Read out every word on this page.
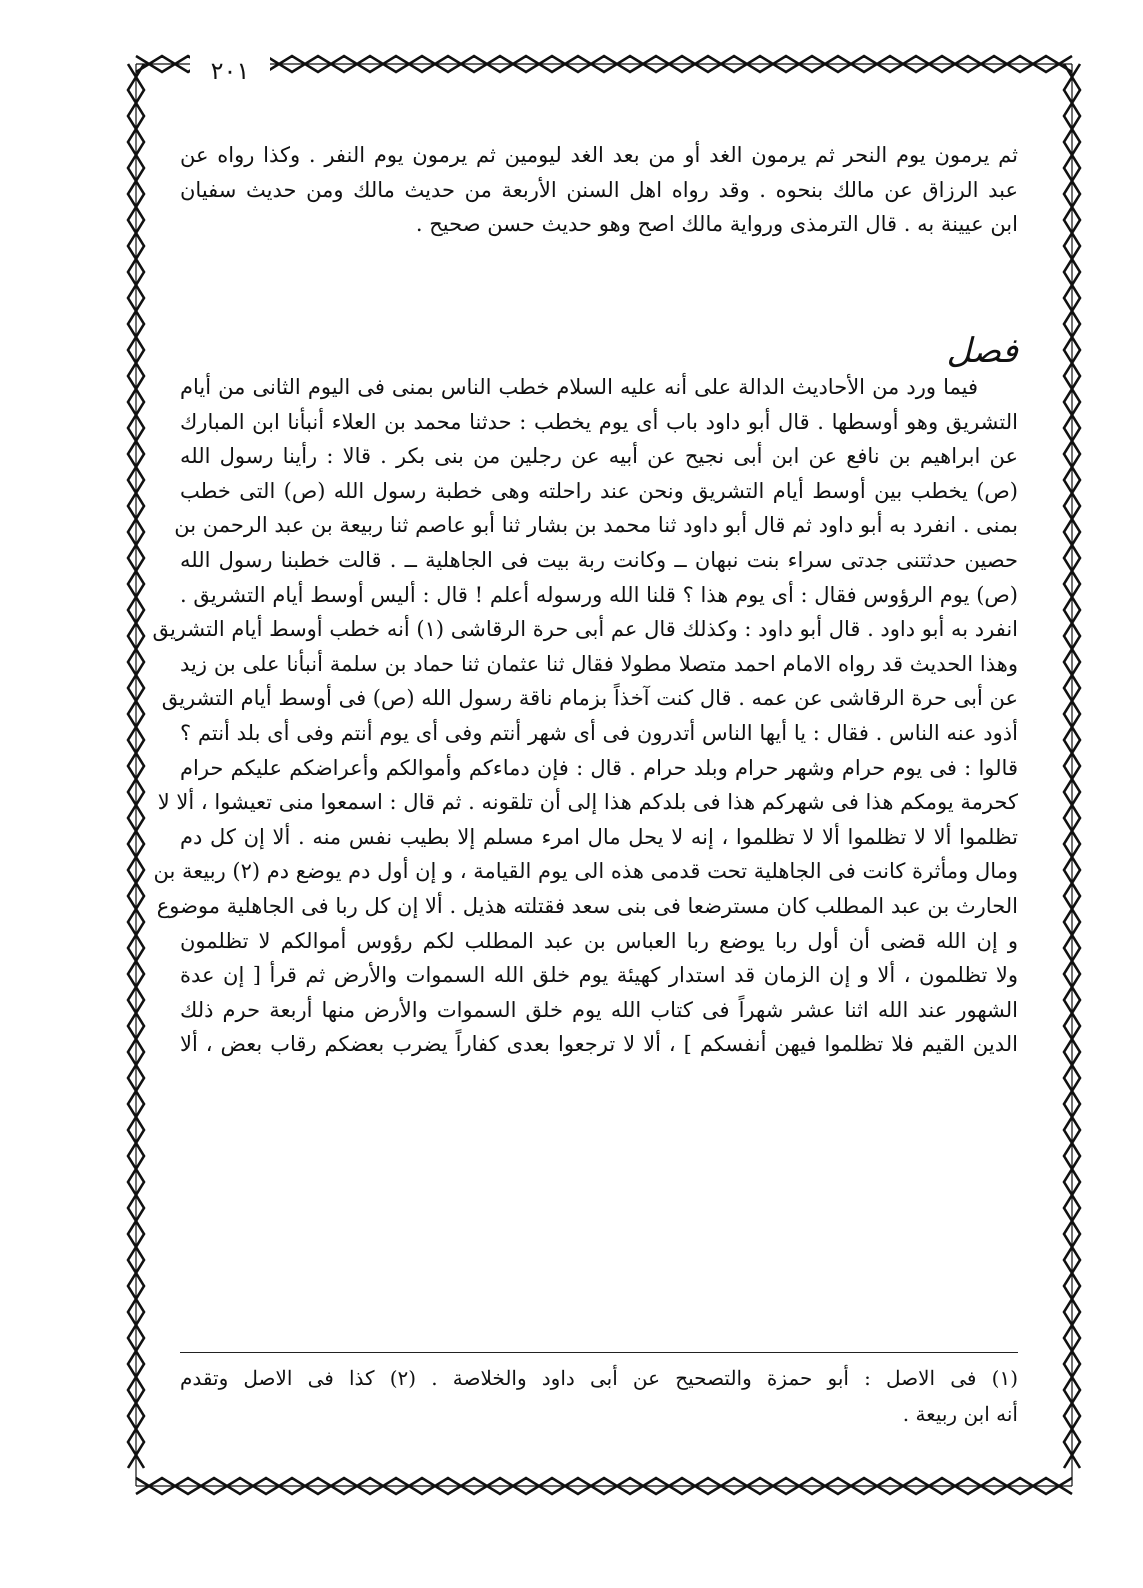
٢٠١
ثم يرمون يوم النحر ثم يرمون الغد أو من بعد الغد ليومين ثم يرمون يوم النفر . وكذا رواه عن
عبد الرزاق عن مالك بنحوه . وقد رواه اهل السنن الأربعة من حديث مالك ومن حديث سفيان
ابن عيينة به . قال الترمذى ورواية مالك اصح وهو حديث حسن صحيح .
فصل
فيما ورد من الأحاديث الدالة على أنه عليه السلام خطب الناس بمنى فى اليوم الثانى من أيام
التشريق وهو أوسطها . قال أبو داود باب أى يوم يخطب : حدثنا محمد بن العلاء أنبأنا ابن المبارك
عن ابراهيم بن نافع عن ابن أبى نجيح عن أبيه عن رجلين من بنى بكر . قالا : رأينا رسول الله
(ص) يخطب بين أوسط أيام التشريق ونحن عند راحلته وهى خطبة رسول الله (ص) التى خطب
بمنى . انفرد به أبو داود ثم قال أبو داود ثنا محمد بن بشار ثنا أبو عاصم ثنا ربيعة بن عبد الرحمن بن
حصين حدثتنى جدتى سراء بنت نبهان ــ وكانت ربة بيت فى الجاهلية ــ . قالت خطبنا رسول الله
(ص) يوم الرؤوس فقال : أى يوم هذا ؟ قلنا الله ورسوله أعلم ! قال : أليس أوسط أيام التشريق .
انفرد به أبو داود . قال أبو داود : وكذلك قال عم أبى حرة الرقاشى (١) أنه خطب أوسط أيام التشريق
وهذا الحديث قد رواه الامام احمد متصلا مطولا فقال ثنا عثمان ثنا حماد بن سلمة أنبأنا على بن زيد
عن أبى حرة الرقاشى عن عمه . قال كنت آخذاً بزمام ناقة رسول الله (ص) فى أوسط أيام التشريق
أذود عنه الناس . فقال : يا أيها الناس أتدرون فى أى شهر أنتم وفى أى يوم أنتم وفى أى بلد أنتم ؟
قالوا : فى يوم حرام وشهر حرام وبلد حرام . قال : فإن دماءكم وأموالكم وأعراضكم عليكم حرام
كحرمة يومكم هذا فى شهركم هذا فى بلدكم هذا إلى أن تلقونه . ثم قال : اسمعوا منى تعيشوا ، ألا لا
تظلموا ألا لا تظلموا ألا لا تظلموا ، إنه لا يحل مال امرء مسلم إلا بطيب نفس منه . ألا إن كل دم
ومال ومأثرة كانت فى الجاهلية تحت قدمى هذه الى يوم القيامة ، و إن أول دم يوضع دم (٢) ربيعة بن
الحارث بن عبد المطلب كان مسترضعا فى بنى سعد فقتلته هذيل . ألا إن كل ربا فى الجاهلية موضوع
و إن الله قضى أن أول ربا يوضع ربا العباس بن عبد المطلب لكم رؤوس أموالكم لا تظلمون
ولا تظلمون ، ألا و إن الزمان قد استدار كهيئة يوم خلق الله السموات والأرض ثم قرأ [ إن عدة
الشهور عند الله اثنا عشر شهراً فى كتاب الله يوم خلق السموات والأرض منها أربعة حرم ذلك
الدين القيم فلا تظلموا فيهن أنفسكم ] ، ألا لا ترجعوا بعدى كفاراً يضرب بعضكم رقاب بعض ، ألا
(١) فى الاصل : أبو حمزة والتصحيح عن أبى داود والخلاصة . (٢) كذا فى الاصل وتقدم
أنه ابن ربيعة .
